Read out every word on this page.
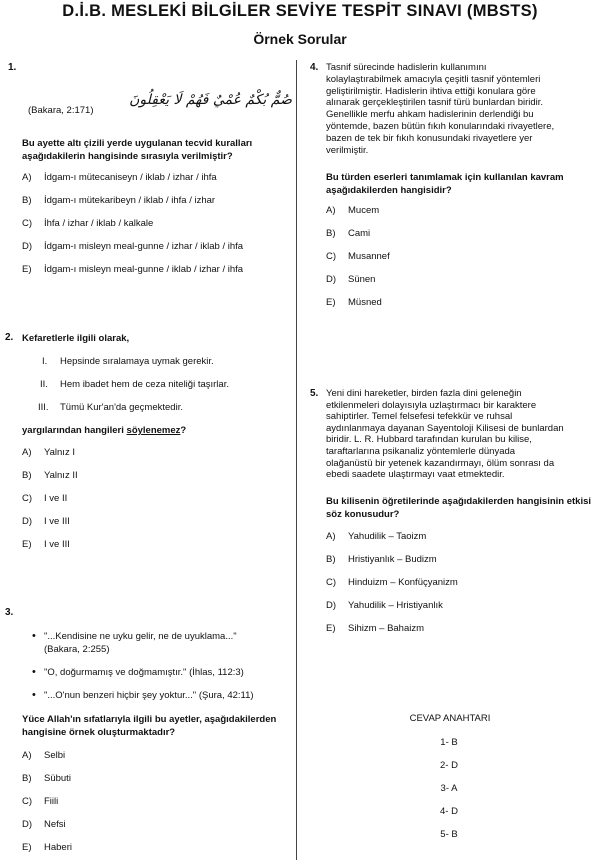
D.İ.B. MESLEKİ BİLGİLER SEVİYE TESPİT SINAVI (MBSTS)
Örnek Sorular
1.
(Bakara, 2:171)
صُمٌّ بُكْمٌ عُمْيٌ فَهُمْ لَا يَعْقِلُونَ
Bu ayette altı çizili yerde uygulanan tecvid kuralları aşağıdakilerin hangisinde sırasıyla verilmiştir?
A) İdgam-ı mütecaniseyn / iklab / izhar / ihfa
B) İdgam-ı mütekaribeyn / iklab / ihfa / izhar
C) İhfa / izhar / iklab / kalkale
D) İdgam-ı misleyn meal-gunne / izhar / iklab / ihfa
E) İdgam-ı misleyn meal-gunne / iklab / izhar / ihfa
2. Kefaretlerle ilgili olarak,
I. Hepsinde sıralamaya uymak gerekir.
II. Hem ibadet hem de ceza niteliği taşırlar.
III. Tümü Kur'an'da geçmektedir.
yargılarından hangileri söylenemez?
A) Yalnız I
B) Yalnız II
C) I ve II
D) I ve III
E) I ve III
3.
• "...Kendisine ne uyku gelir, ne de uyuklama..."
(Bakara, 2:255)
• "O, doğurmamış ve doğmamıştır." (İhlas, 112:3)
• "...O'nun benzeri hiçbir şey yoktur..." (Şura, 42:11)
Yüce Allah'ın sıfatlarıyla ilgili bu ayetler, aşağıdakilerden hangisine örnek oluşturmaktadır?
A) Selbi
B) Sübuti
C) Fiili
D) Nefsi
E) Haberi
4. Tasnif sürecinde hadislerin kullanımını
kolaylaştırabilmek amacıyla çeşitli tasnif yöntemleri
geliştirilmiştir. Hadislerin ihtiva ettiği konulara göre
alınarak gerçekleştirilen tasnif türü bunlardan biridir.
Genellikle merfu ahkam hadislerinin derlendiği bu
yöntemde, bazen bütün fıkıh konularındaki rivayetlere,
bazen de tek bir fıkıh konusundaki rivayetlere yer
verilmiştir.
Bu türden eserleri tanımlamak için kullanılan kavram aşağıdakilerden hangisidir?
A) Mucem
B) Cami
C) Musannef
D) Sünen
E) Müsned
5. Yeni dini hareketler, birden fazla dini geleneğin
etkilenmeleri dolayısıyla uzlaştırmacı bir karaktere
sahiptirler. Temel felsefesi tefekkür ve ruhsal
aydınlanmaya dayanan Sayentoloji Kilisesi de bunlardan
biridir. L. R. Hubbard tarafından kurulan bu kilise,
taraftarlarına psikanaliz yöntemlerle dünyada
olağanüstü bir yetenek kazandırmayı, ölüm sonrası da
ebedi saadete ulaştırmayı vaat etmektedir.
Bu kilisenin öğretilerinde aşağıdakilerden hangisinin etkisi söz konusudur?
A) Yahudilik – Taoizm
B) Hristiyanlık – Budizm
C) Hinduizm – Konfüçyanizm
D) Yahudilik – Hristiyanlık
E) Sihizm – Bahaizm
CEVAP ANAHTARI
1- B
2- D
3- A
4- D
5- B
